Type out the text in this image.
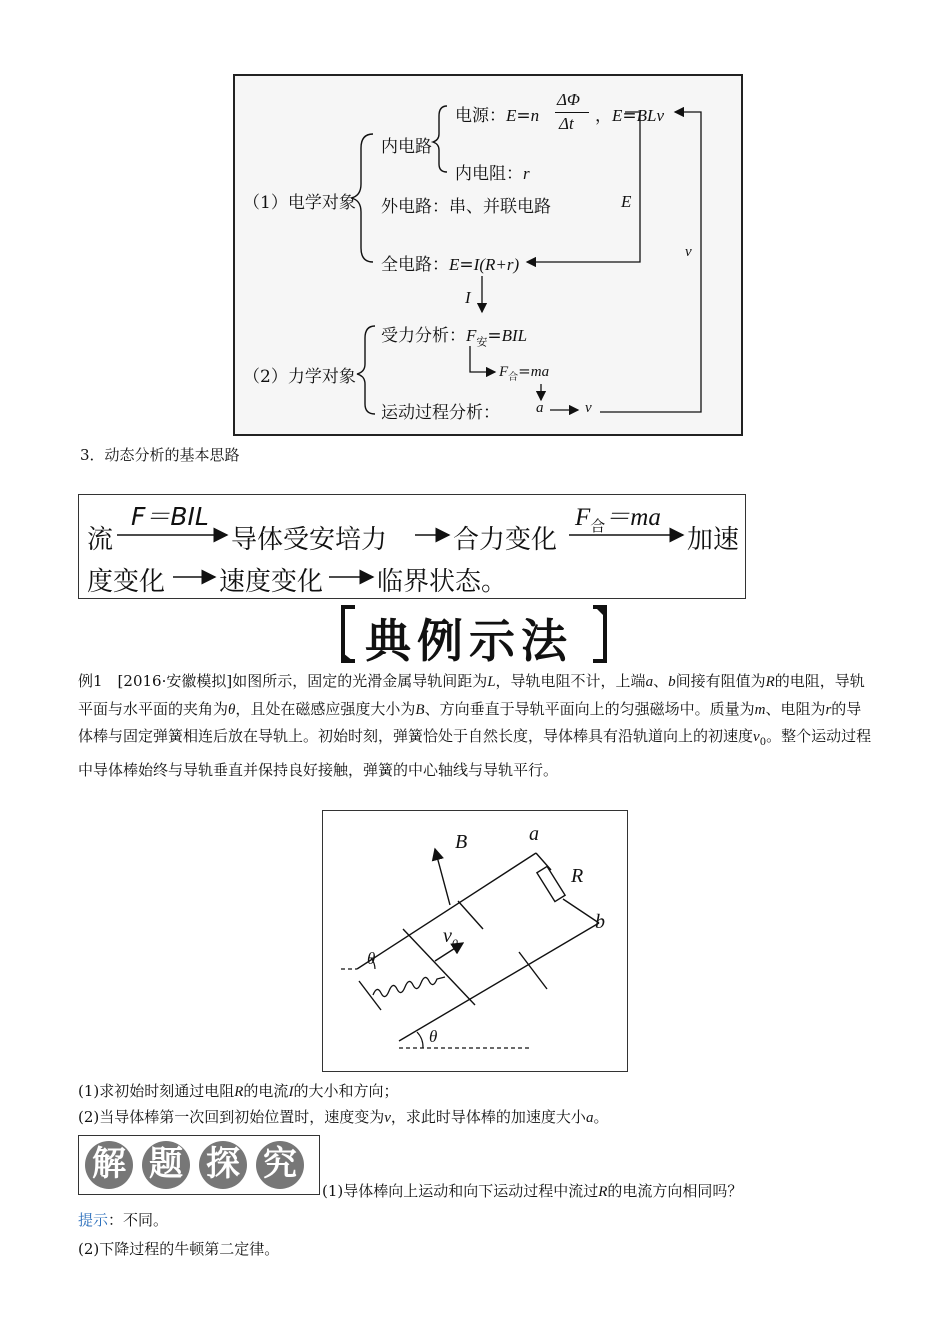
（1）电学对象
内电路
电源：E=n
ΔΦ
Δt ，E=BLv
内电阻：r
外电路：串、并联电路	E
v
全电路：E=I(R+r)
I
（2）力学对象
受力分析：$F_安=BIL$
$F_合=ma$
运动过程分析： a	v
3．动态分析的基本思路
F＝BIL	$F_合=ma$
流	导体受安培力	合力变化	加速
度变化 速度变化 临界状态。
典例示法
例1　[2016·安徽模拟]如图所示，固定的光滑金属导轨间距为L，导轨电阻不计，上端a、b间接有阻值为R的电阻，导轨平面与水平面的夹角为θ，且处在磁感应强度大小为B、方向垂直于导轨平面向上的匀强磁场中。质量为m、电阻为r的导体棒与固定弹簧相连后放在导轨上。初始时刻，弹簧恰处于自然长度，导体棒具有沿轨道向上的初速度$v_0$。整个运动过程中导体棒始终与导轨垂直并保持良好接触，弹簧的中心轴线与导轨平行。
B	a
R
b
$v_0$
θ
θ
(1)求初始时刻通过电阻R的电流I的大小和方向；
(2)当导体棒第一次回到初始位置时，速度变为v，求此时导体棒的加速度大小a。
解 题 探 究
(1)导体棒向上运动和向下运动过程中流过R的电流方向相同吗？
提示：不同。
(2)下降过程的牛顿第二定律。
